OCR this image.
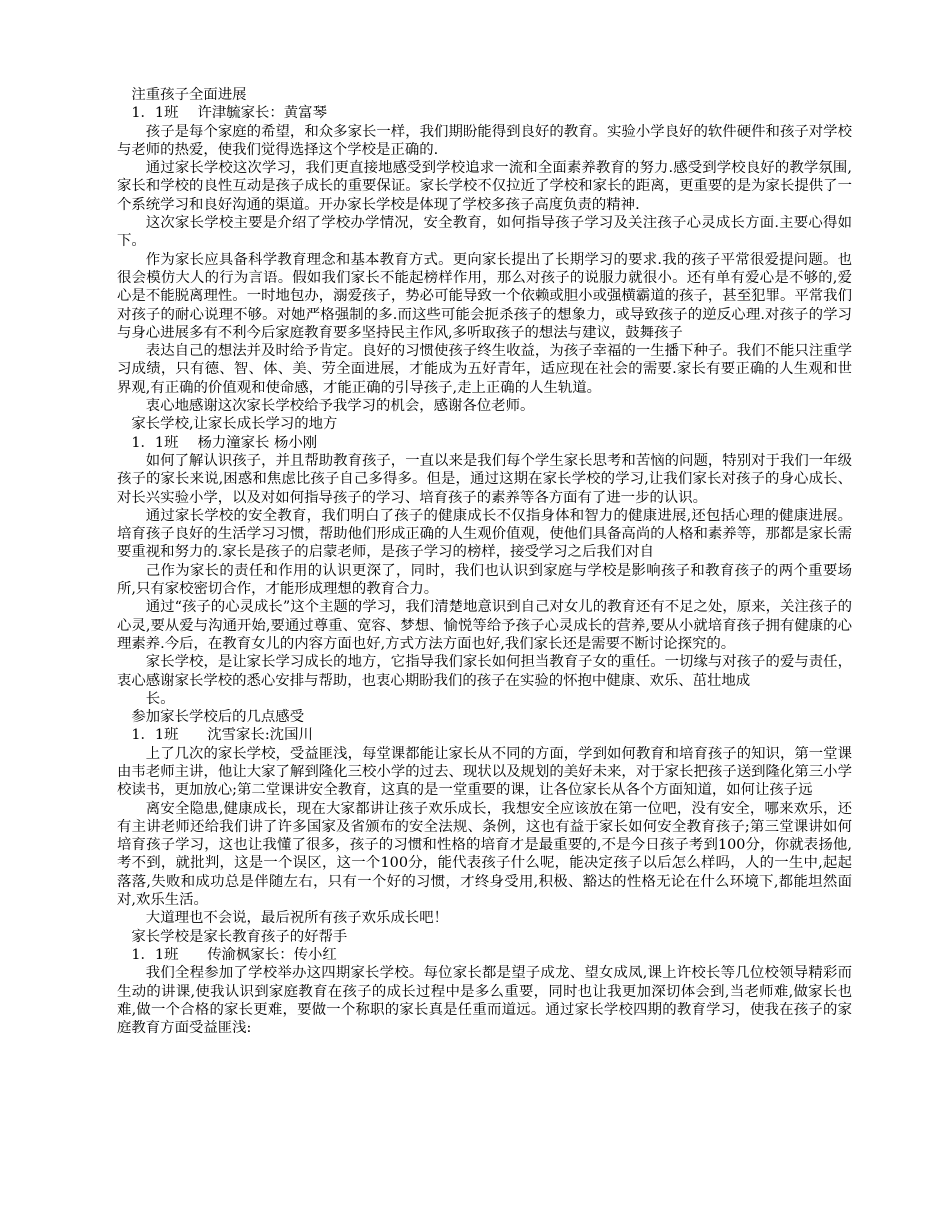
注重孩子全面进展

1．1班　 许津毓家长：黄富琴

孩子是每个家庭的希望，和众多家长一样，我们期盼能得到良好的教育。实验小学良好的软件硬件和孩子对学校与老师的热爱，使我们觉得选择这个学校是正确的.

通过家长学校这次学习，我们更直接地感受到学校追求一流和全面素养教育的努力.感受到学校良好的教学氛围,家长和学校的良性互动是孩子成长的重要保证。家长学校不仅拉近了学校和家长的距离，更重要的是为家长提供了一个系统学习和良好沟通的渠道。开办家长学校是体现了学校多孩子高度负责的精神.

这次家长学校主要是介绍了学校办学情况，安全教育，如何指导孩子学习及关注孩子心灵成长方面.主要心得如下。

作为家长应具备科学教育理念和基本教育方式。更向家长提出了长期学习的要求.我的孩子平常很爱提问题。也很会模仿大人的行为言语。假如我们家长不能起榜样作用，那么对孩子的说服力就很小。还有单有爱心是不够的,爱心是不能脱离理性。一时地包办，溺爱孩子，势必可能导致一个依赖或胆小或强横霸道的孩子，甚至犯罪。平常我们对孩子的耐心说理不够。对她严格强制的多.而这些可能会扼杀孩子的想象力，或导致孩子的逆反心理.对孩子的学习与身心进展多有不利今后家庭教育要多坚持民主作风,多听取孩子的想法与建议，鼓舞孩子

表达自己的想法并及时给予肯定。良好的习惯使孩子终生收益，为孩子幸福的一生播下种子。我们不能只注重学习成绩，只有德、智、体、美、劳全面进展，才能成为五好青年，适应现在社会的需要.家长有要正确的人生观和世界观,有正确的价值观和使命感，才能正确的引导孩子,走上正确的人生轨道。

衷心地感谢这次家长学校给予我学习的机会，感谢各位老师。

家长学校,让家长成长学习的地方

1．1班　 杨力潼家长 杨小刚

如何了解认识孩子，并且帮助教育孩子，一直以来是我们每个学生家长思考和苦恼的问题，特别对于我们一年级孩子的家长来说,困惑和焦虑比孩子自己多得多。但是，通过这期在家长学校的学习,让我们家长对孩子的身心成长、对长兴实验小学，以及对如何指导孩子的学习、培育孩子的素养等各方面有了进一步的认识。

通过家长学校的安全教育，我们明白了孩子的健康成长不仅指身体和智力的健康进展,还包括心理的健康进展。培育孩子良好的生活学习习惯，帮助他们形成正确的人生观价值观，使他们具备高尚的人格和素养等，那都是家长需要重视和努力的.家长是孩子的启蒙老师，是孩子学习的榜样，接受学习之后我们对自

己作为家长的责任和作用的认识更深了，同时，我们也认识到家庭与学校是影响孩子和教育孩子的两个重要场所,只有家校密切合作，才能形成理想的教育合力。

通过“孩子的心灵成长”这个主题的学习，我们清楚地意识到自己对女儿的教育还有不足之处，原来，关注孩子的心灵,要从爱与沟通开始,要通过尊重、宽容、梦想、愉悦等给予孩子心灵成长的营养,要从小就培育孩子拥有健康的心理素养.今后，在教育女儿的内容方面也好,方式方法方面也好,我们家长还是需要不断讨论探究的。

家长学校，是让家长学习成长的地方，它指导我们家长如何担当教育子女的重任。一切缘与对孩子的爱与责任，衷心感谢家长学校的悉心安排与帮助，也衷心期盼我们的孩子在实验的怀抱中健康、欢乐、茁壮地成

长。

参加家长学校后的几点感受

1．1班　　沈雪家长:沈国川

上了几次的家长学校，受益匪浅，每堂课都能让家长从不同的方面，学到如何教育和培育孩子的知识，第一堂课由韦老师主讲，他让大家了解到隆化三校小学的过去、现状以及规划的美好未来，对于家长把孩子送到隆化第三小学校读书，更加放心;第二堂课讲安全教育，这真的是一堂重要的课，让各位家长从各个方面知道，如何让孩子远

离安全隐患,健康成长，现在大家都讲让孩子欢乐成长，我想安全应该放在第一位吧，没有安全，哪来欢乐，还有主讲老师还给我们讲了许多国家及省颁布的安全法规、条例，这也有益于家长如何安全教育孩子;第三堂课讲如何培育孩子学习，这也让我懂了很多，孩子的习惯和性格的培育才是最重要的,不是今日孩子考到100分，你就表扬他,考不到，就批判，这是一个误区，这一个100分，能代表孩子什么呢，能决定孩子以后怎么样吗，人的一生中,起起落落,失败和成功总是伴随左右，只有一个好的习惯，才终身受用,积极、豁达的性格无论在什么环境下,都能坦然面对,欢乐生活。

大道理也不会说，最后祝所有孩子欢乐成长吧！

家长学校是家长教育孩子的好帮手

1．1班　　传渝枫家长：传小红

我们全程参加了学校举办这四期家长学校。每位家长都是望子成龙、望女成凤,课上许校长等几位校领导精彩而生动的讲课,使我认识到家庭教育在孩子的成长过程中是多么重要，同时也让我更加深切体会到,当老师难,做家长也难,做一个合格的家长更难，要做一个称职的家长真是任重而道远。通过家长学校四期的教育学习，使我在孩子的家庭教育方面受益匪浅:
